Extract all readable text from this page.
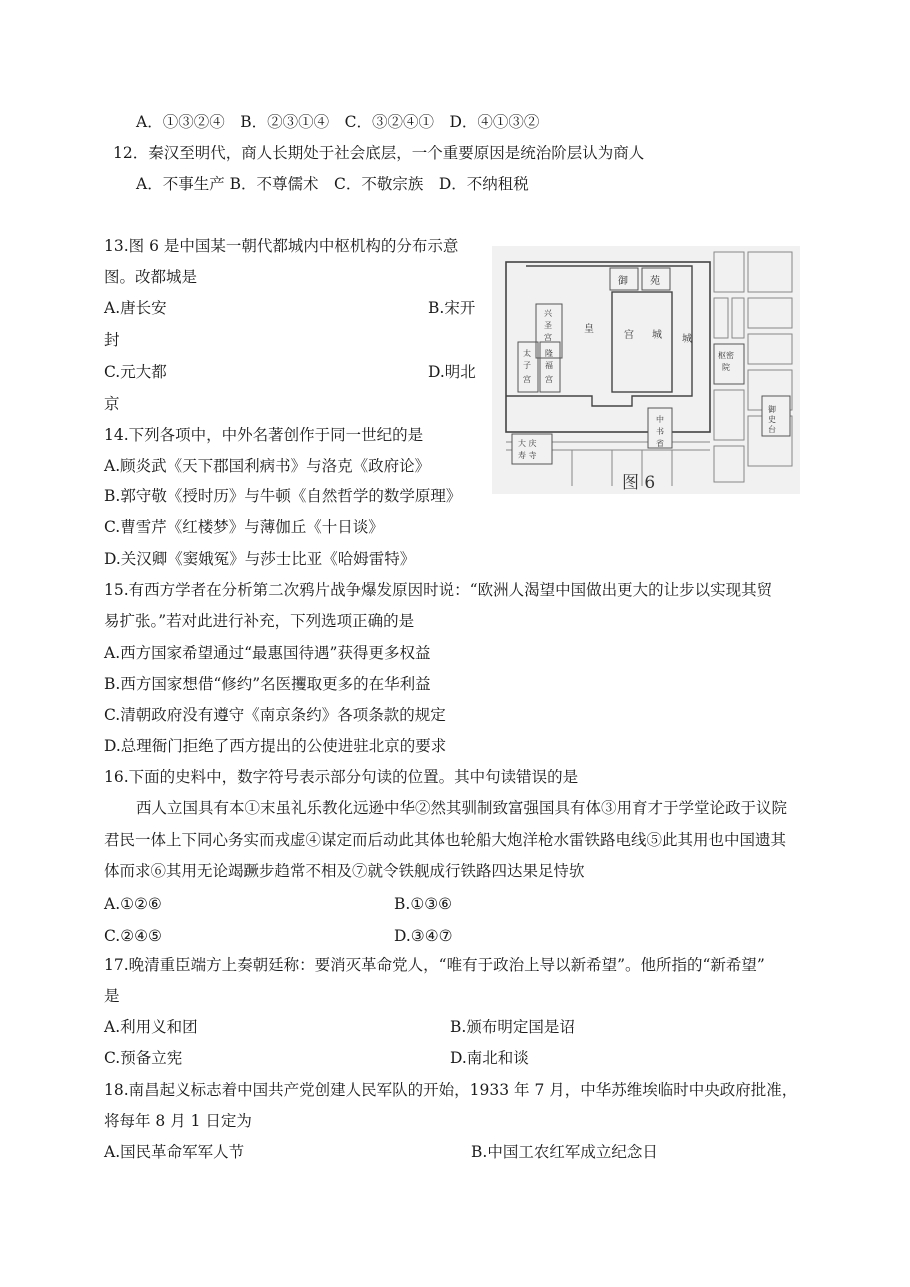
A．①③②④　B．②③①④　C．③②④①　D．④①③②
12．秦汉至明代，商人长期处于社会底层，一个重要原因是统治阶层认为商人
A．不事生产 B．不尊儒术　C．不敬宗族　D．不纳租税
13.图 6 是中国某一朝代都城内中枢机构的分布示意
图。改都城是
A.唐长安	B.宋开
封
C.元大都	D.明北
京
兴
圣
宫
御 苑
皇
宫 城 城
太
子
宫
隆
福
宫
枢密
院
中
书
省
御
史
台
大 庆
寿 寺
图 6
14.下列各项中，中外名著创作于同一世纪的是
A.顾炎武《天下郡国利病书》与洛克《政府论》
B.郭守敬《授时历》与牛顿《自然哲学的数学原理》
C.曹雪芹《红楼梦》与薄伽丘《十日谈》
D.关汉卿《窦娥冤》与莎士比亚《哈姆雷特》
15.有西方学者在分析第二次鸦片战争爆发原因时说：“欧洲人渴望中国做出更大的让步以实现其贸
易扩张。”若对此进行补充，下列选项正确的是
A.西方国家希望通过“最惠国待遇”获得更多权益
B.西方国家想借“修约”名医攫取更多的在华利益
C.清朝政府没有遵守《南京条约》各项条款的规定
D.总理衙门拒绝了西方提出的公使进驻北京的要求
16.下面的史料中，数字符号表示部分句读的位置。其中句读错误的是
西人立国具有本①末虽礼乐教化远逊中华②然其驯制致富强国具有体③用育才于学堂论政于议院
君民一体上下同心务实而戎虚④谋定而后动此其体也轮船大炮洋枪水雷铁路电线⑤此其用也中国遗其
体而求⑥其用无论竭蹶步趋常不相及⑦就令铁舰成行铁路四达果足恃欤
A.①②⑥	B.①③⑥
C.②④⑤	D.③④⑦
17.晚清重臣端方上奏朝廷称：要消灭革命党人，“唯有于政治上导以新希望”。他所指的“新希望”
是
A.利用义和团	B.颁布明定国是诏
C.预备立宪	D.南北和谈
18.南昌起义标志着中国共产党创建人民军队的开始，1933 年 7 月，中华苏维埃临时中央政府批准，
将每年 8 月 1 日定为
A.国民革命军军人节	B.中国工农红军成立纪念日
